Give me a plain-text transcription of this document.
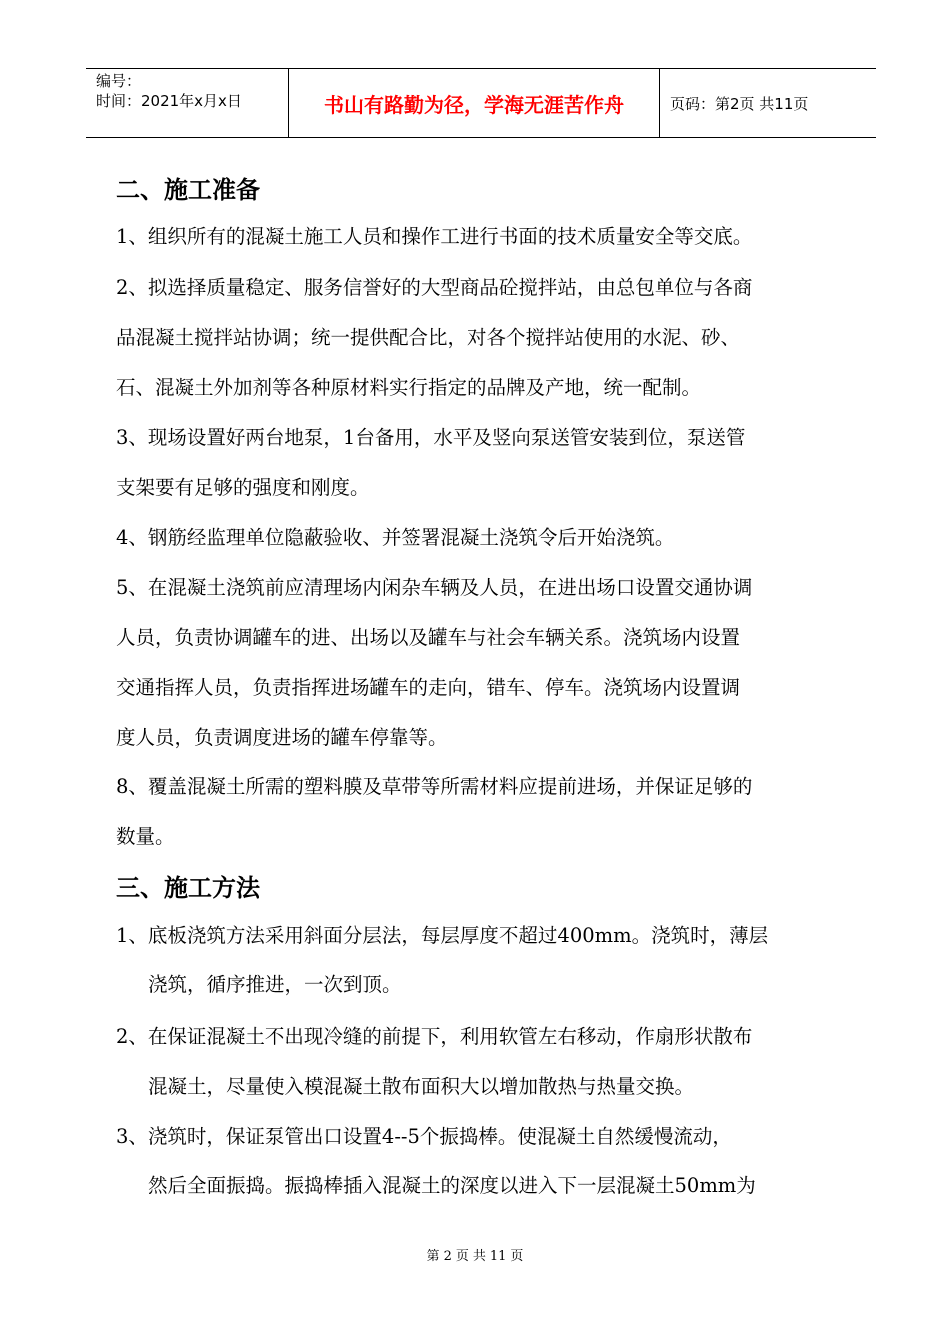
编号：
时间：2021年x月x日	书山有路勤为径，学海无涯苦作舟	页码：第2页 共11页
二、施工准备
1、组织所有的混凝土施工人员和操作工进行书面的技术质量安全等交底。
2、拟选择质量稳定、服务信誉好的大型商品砼搅拌站，由总包单位与各商
品混凝土搅拌站协调；统一提供配合比，对各个搅拌站使用的水泥、砂、
石、混凝土外加剂等各种原材料实行指定的品牌及产地，统一配制。
3、现场设置好两台地泵，1台备用，水平及竖向泵送管安装到位，泵送管
支架要有足够的强度和刚度。
4、钢筋经监理单位隐蔽验收、并签署混凝土浇筑令后开始浇筑。
5、在混凝土浇筑前应清理场内闲杂车辆及人员，在进出场口设置交通协调
人员，负责协调罐车的进、出场以及罐车与社会车辆关系。浇筑场内设置
交通指挥人员，负责指挥进场罐车的走向，错车、停车。浇筑场内设置调
度人员，负责调度进场的罐车停靠等。
8、覆盖混凝土所需的塑料膜及草带等所需材料应提前进场，并保证足够的
数量。
三、施工方法
1、底板浇筑方法采用斜面分层法，每层厚度不超过400mm。浇筑时，薄层
浇筑，循序推进，一次到顶。
2、在保证混凝土不出现冷缝的前提下，利用软管左右移动，作扇形状散布
混凝土，尽量使入模混凝土散布面积大以增加散热与热量交换。
3、浇筑时，保证泵管出口设置4--5个振捣棒。使混凝土自然缓慢流动，
然后全面振捣。振捣棒插入混凝土的深度以进入下一层混凝土50mm为
第 2 页 共 11 页
